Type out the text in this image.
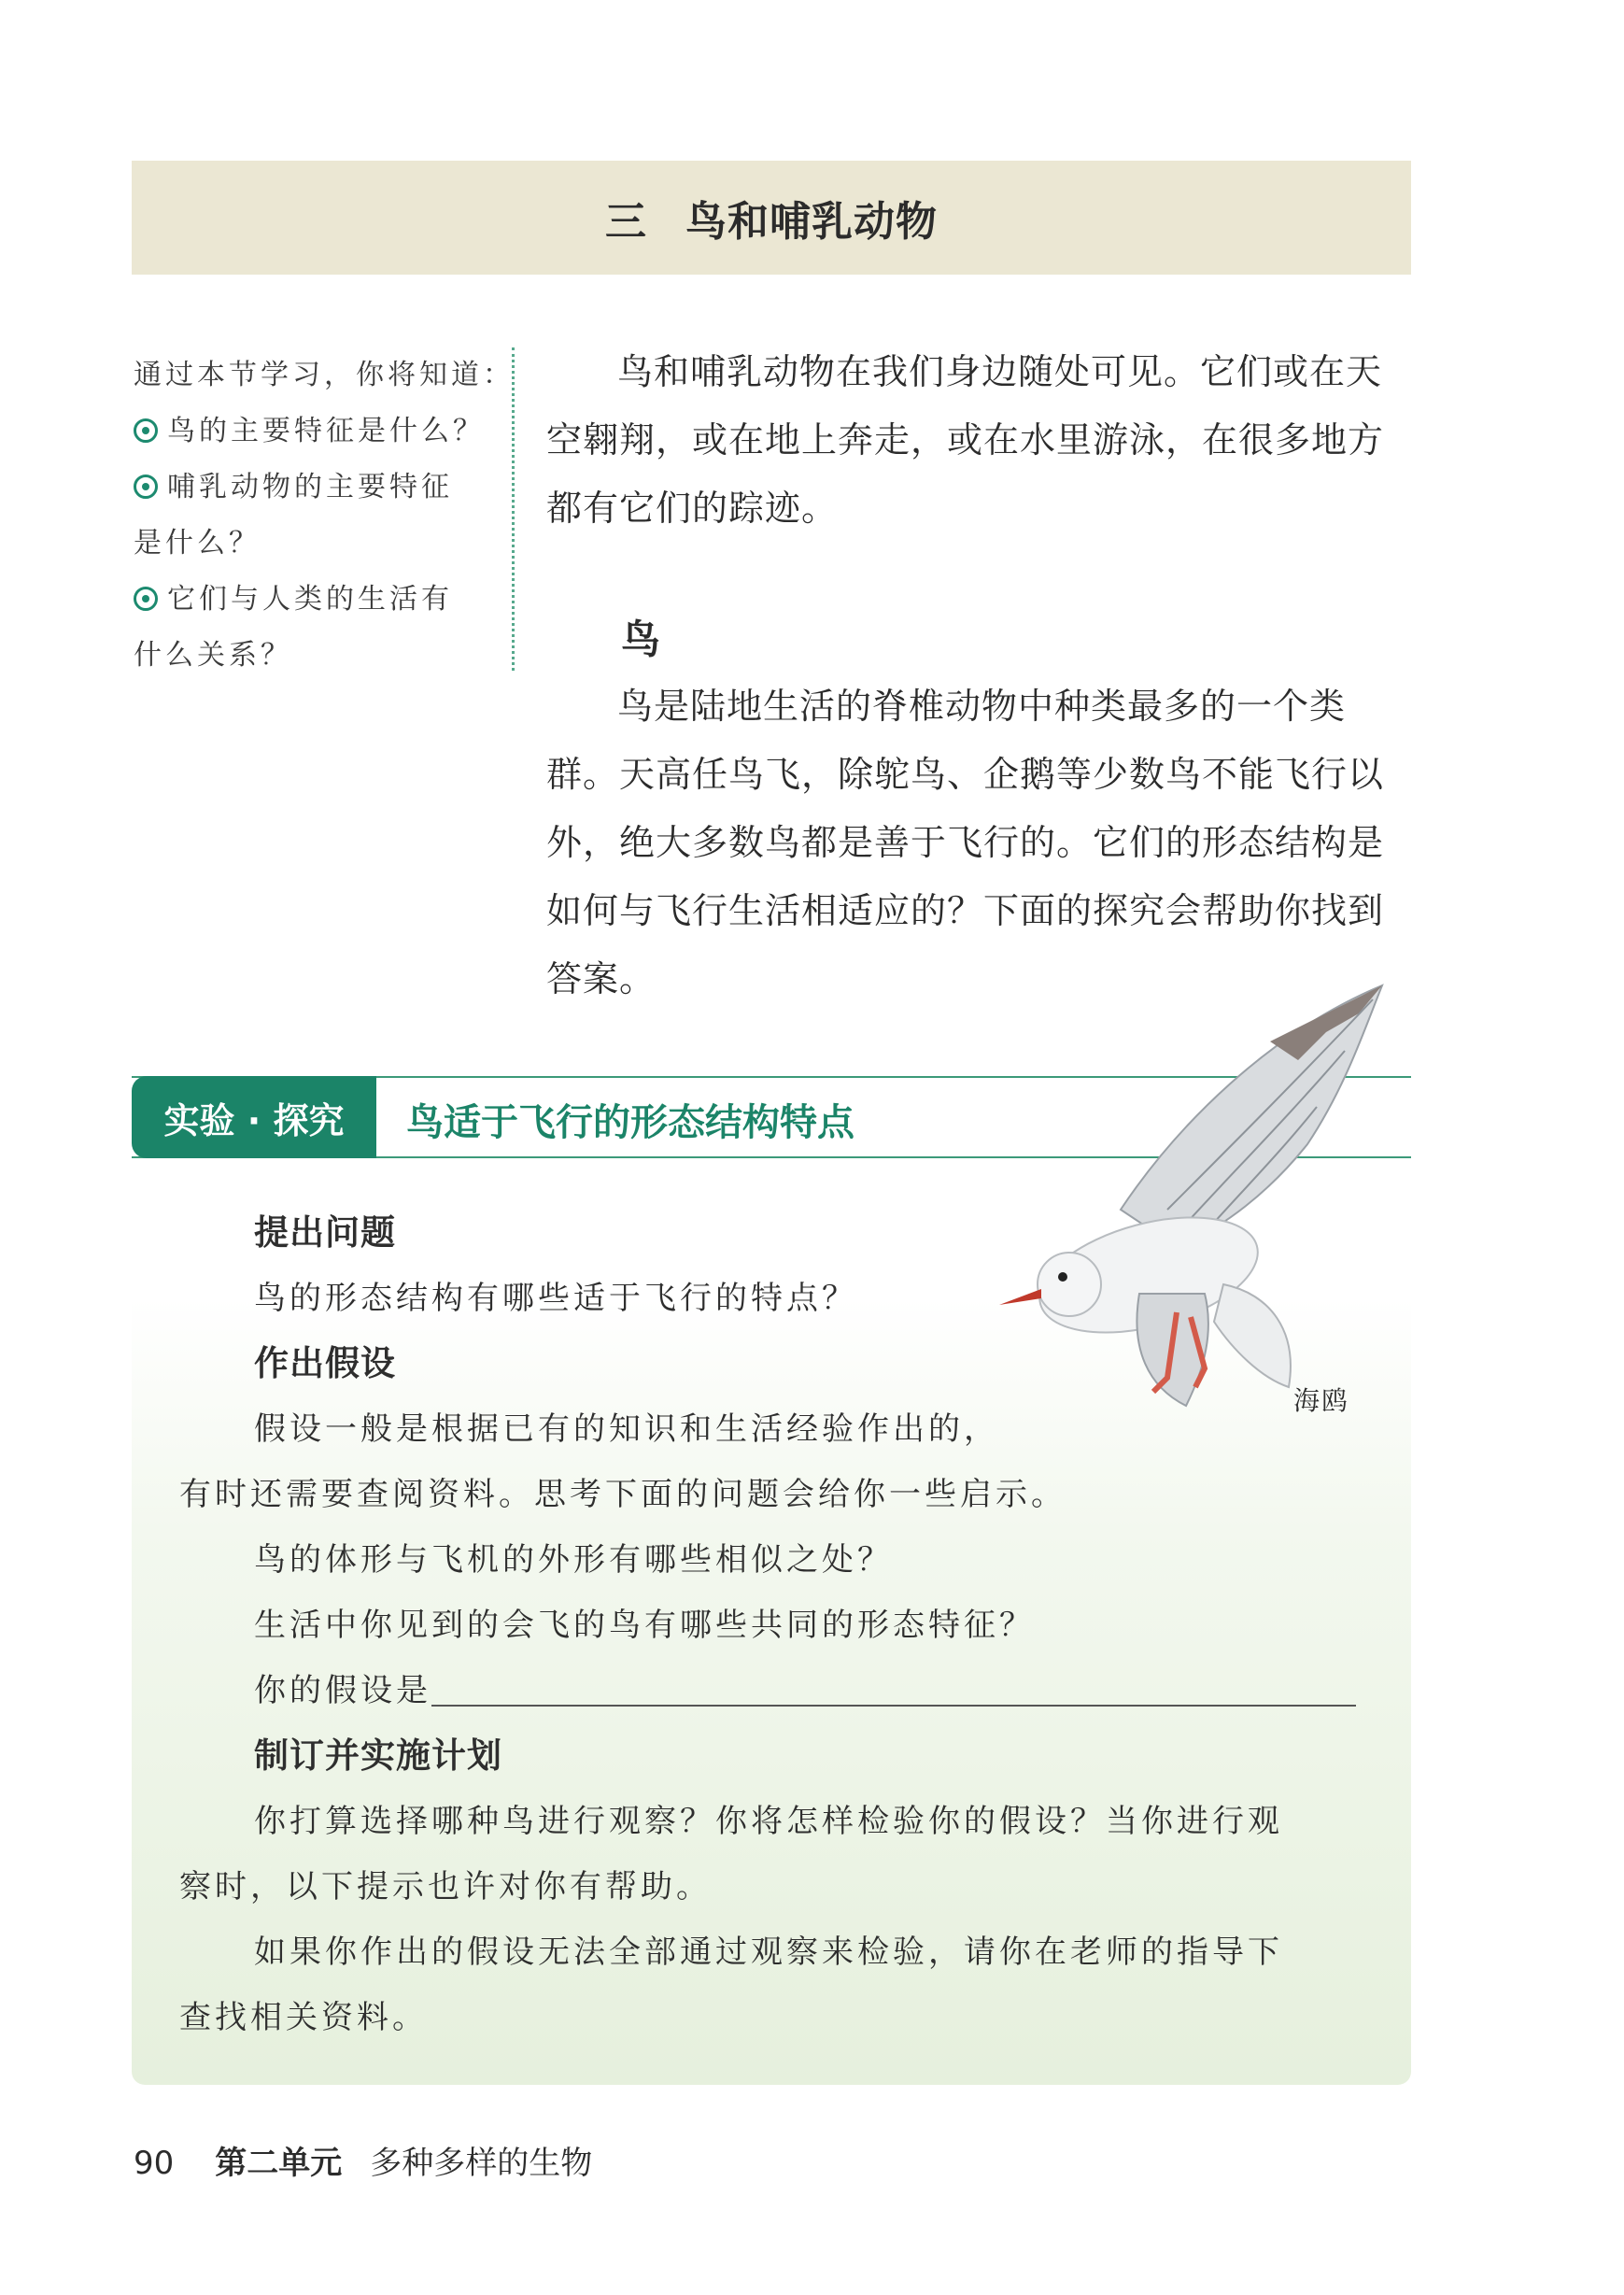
三 鸟和哺乳动物
通过本节学习，你将知道：
鸟的主要特征是什么？
哺乳动物的主要特征
是什么？
它们与人类的生活有
什么关系？

鸟和哺乳动物在我们身边随处可见。它们或在天空翱翔，或在地上奔走，或在水里游泳，在很多地方都有它们的踪迹。

鸟

鸟是陆地生活的脊椎动物中种类最多的一个类群。天高任鸟飞，除鸵鸟、企鹅等少数鸟不能飞行以外，绝大多数鸟都是善于飞行的。它们的形态结构是如何与飞行生活相适应的？下面的探究会帮助你找到答案。

实验 · 探究	鸟适于飞行的形态结构特点
提出问题
鸟的形态结构有哪些适于飞行的特点？
作出假设
假设一般是根据已有的知识和生活经验作出的，
有时还需要查阅资料。思考下面的问题会给你一些启示。
鸟的体形与飞机的外形有哪些相似之处？
生活中你见到的会飞的鸟有哪些共同的形态特征？
你的假设是
制订并实施计划
你打算选择哪种鸟进行观察？你将怎样检验你的假设？当你进行观
察时，以下提示也许对你有帮助。
如果你作出的假设无法全部通过观察来检验，请你在老师的指导下
查找相关资料。
海鸥
90 第二单元 多种多样的生物
